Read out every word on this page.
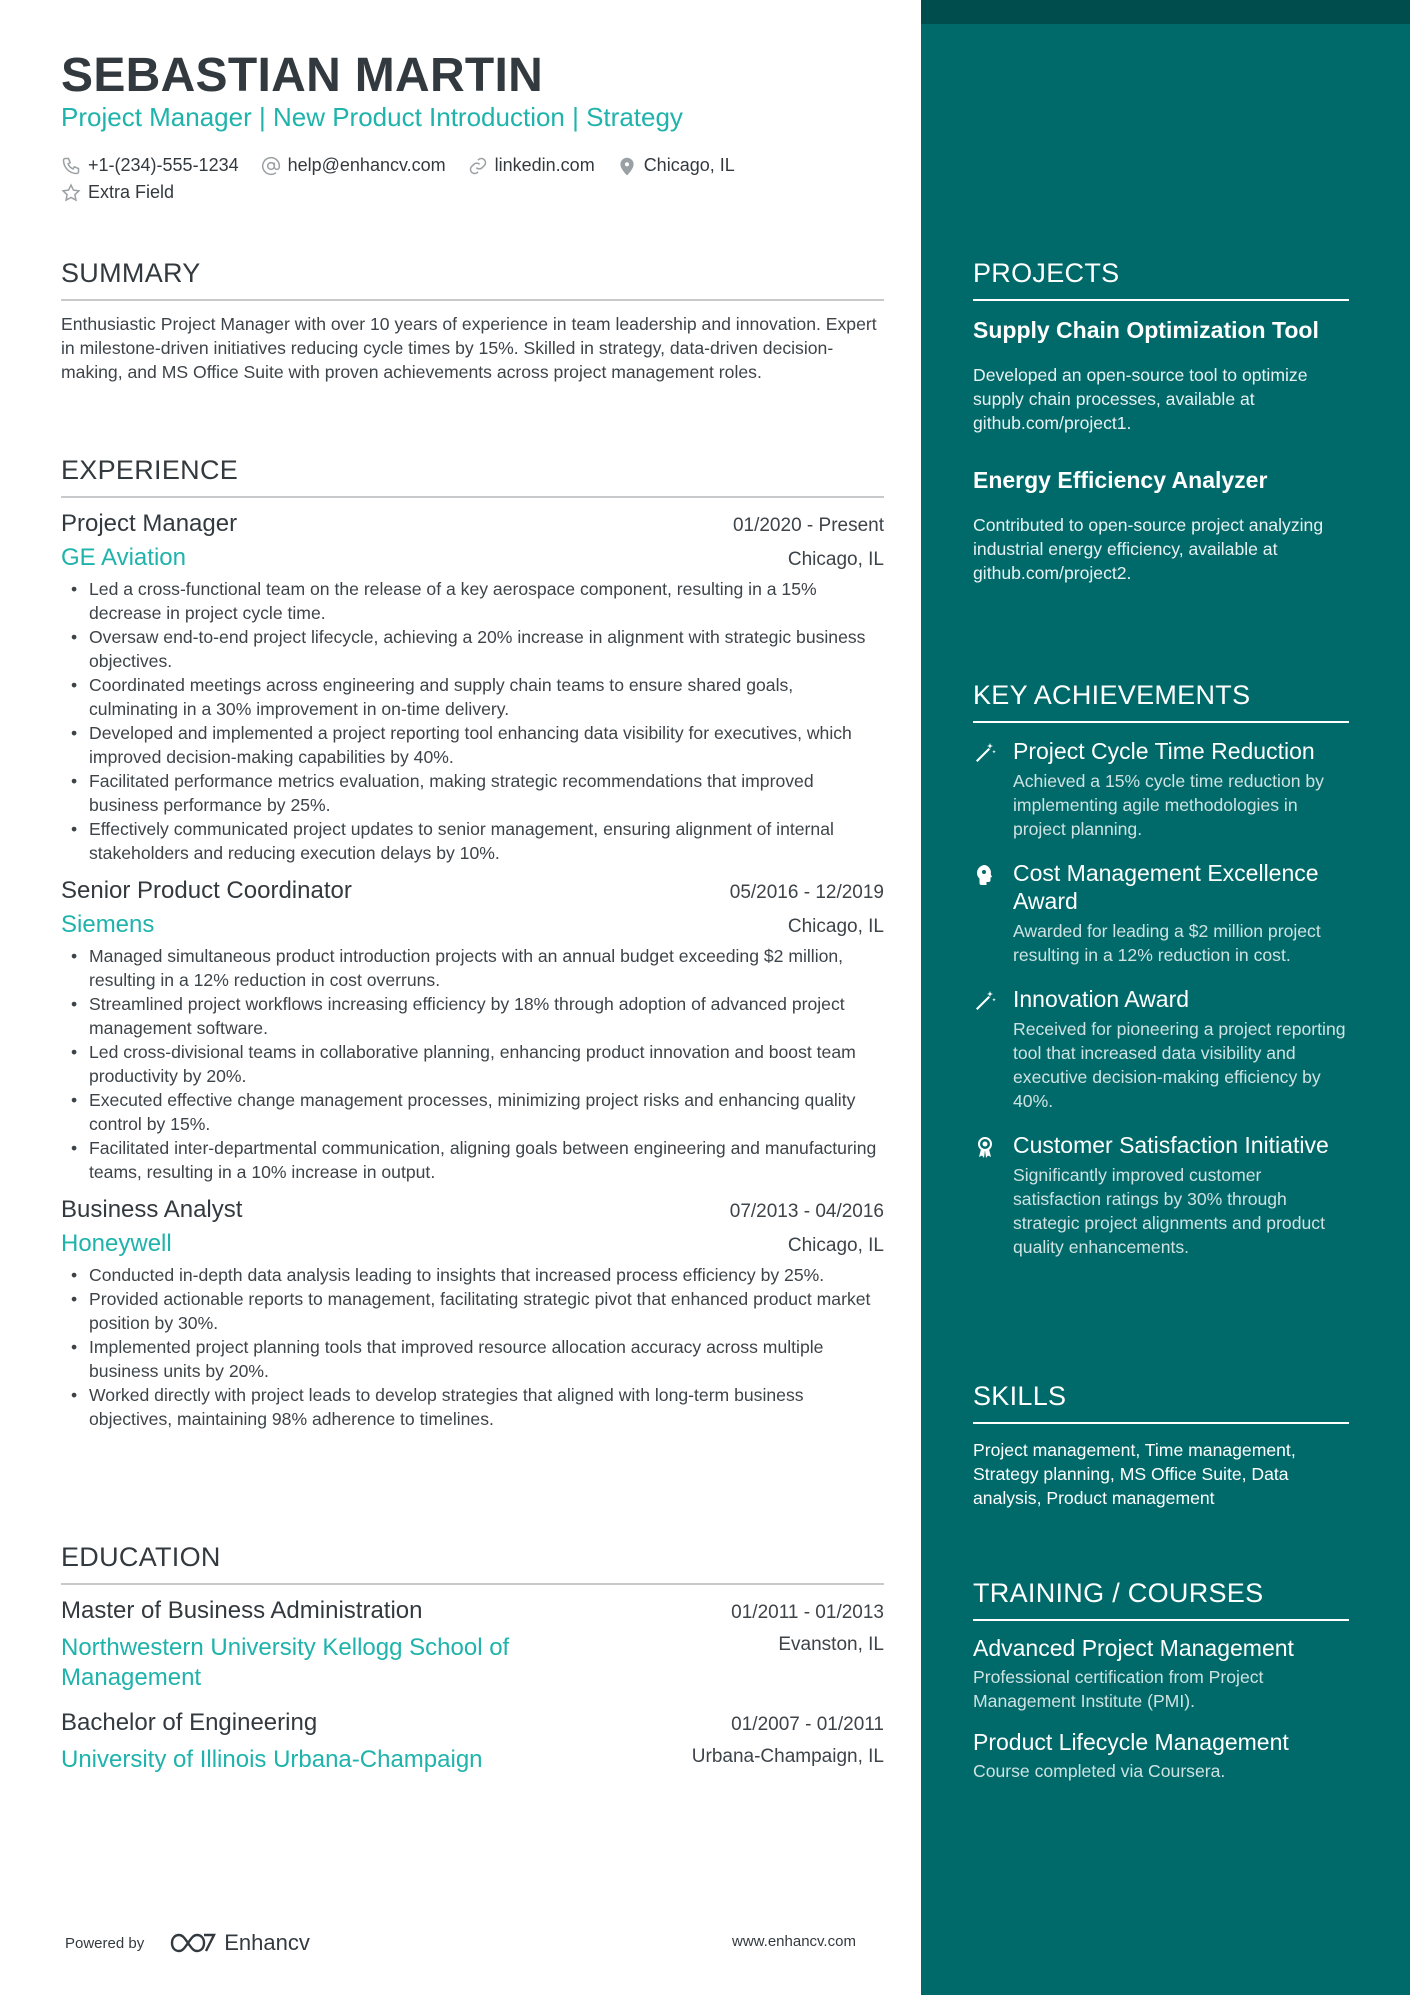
SEBASTIAN MARTIN
Project Manager | New Product Introduction | Strategy
+1-(234)-555-1234	help@enhancv.com	linkedin.com	Chicago, IL
Extra Field
SUMMARY
Enthusiastic Project Manager with over 10 years of experience in team leadership and innovation. Expert in milestone-driven initiatives reducing cycle times by 15%. Skilled in strategy, data-driven decision-making, and MS Office Suite with proven achievements across project management roles.
EXPERIENCE
Project Manager	01/2020 - Present
GE Aviation	Chicago, IL
• Led a cross-functional team on the release of a key aerospace component, resulting in a 15% decrease in project cycle time.
• Oversaw end-to-end project lifecycle, achieving a 20% increase in alignment with strategic business objectives.
• Coordinated meetings across engineering and supply chain teams to ensure shared goals, culminating in a 30% improvement in on-time delivery.
• Developed and implemented a project reporting tool enhancing data visibility for executives, which improved decision-making capabilities by 40%.
• Facilitated performance metrics evaluation, making strategic recommendations that improved business performance by 25%.
• Effectively communicated project updates to senior management, ensuring alignment of internal stakeholders and reducing execution delays by 10%.
Senior Product Coordinator	05/2016 - 12/2019
Siemens	Chicago, IL
• Managed simultaneous product introduction projects with an annual budget exceeding $2 million, resulting in a 12% reduction in cost overruns.
• Streamlined project workflows increasing efficiency by 18% through adoption of advanced project management software.
• Led cross-divisional teams in collaborative planning, enhancing product innovation and boost team productivity by 20%.
• Executed effective change management processes, minimizing project risks and enhancing quality control by 15%.
• Facilitated inter-departmental communication, aligning goals between engineering and manufacturing teams, resulting in a 10% increase in output.
Business Analyst	07/2013 - 04/2016
Honeywell	Chicago, IL
• Conducted in-depth data analysis leading to insights that increased process efficiency by 25%.
• Provided actionable reports to management, facilitating strategic pivot that enhanced product market position by 30%.
• Implemented project planning tools that improved resource allocation accuracy across multiple business units by 20%.
• Worked directly with project leads to develop strategies that aligned with long-term business objectives, maintaining 98% adherence to timelines.
EDUCATION
Master of Business Administration	01/2011 - 01/2013
Northwestern University Kellogg School of Management
Evanston, IL
Bachelor of Engineering	01/2007 - 01/2011
University of Illinois Urbana-Champaign	Urbana-Champaign, IL
PROJECTS
Supply Chain Optimization Tool
Developed an open-source tool to optimize supply chain processes, available at github.com/project1.
Energy Efficiency Analyzer
Contributed to open-source project analyzing industrial energy efficiency, available at github.com/project2.
KEY ACHIEVEMENTS
Project Cycle Time Reduction
Achieved a 15% cycle time reduction by implementing agile methodologies in project planning.
Cost Management Excellence Award
Awarded for leading a $2 million project resulting in a 12% reduction in cost.
Innovation Award
Received for pioneering a project reporting tool that increased data visibility and executive decision-making efficiency by 40%.
Customer Satisfaction Initiative
Significantly improved customer satisfaction ratings by 30% through strategic project alignments and product quality enhancements.
SKILLS
Project management, Time management, Strategy planning, MS Office Suite, Data analysis, Product management
TRAINING / COURSES
Advanced Project Management
Professional certification from Project Management Institute (PMI).
Product Lifecycle Management
Course completed via Coursera.
Powered by	Enhancv	www.enhancv.com
